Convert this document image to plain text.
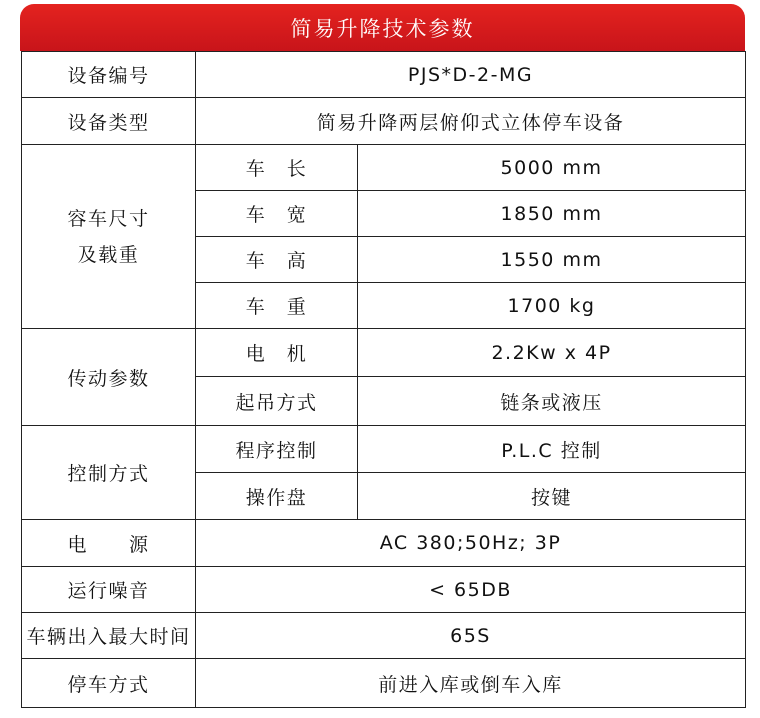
简易升降技术参数
设备编号	PJS*D-2-MG	
设备类型	简易升降两层俯仰式立体停车设备	

容车尺寸
及载重	车　长	5000 mm
	车　宽	1850 mm
	车　高	1550 mm
	车　重	1700 kg
传动参数	电　机	2.2Kw x 4P
	起吊方式	链条或液压
控制方式	程序控制	P.L.C 控制
	操作盘	按键
电　　源	AC 380;50Hz; 3P	
运行噪音	< 65DB	
车辆出入最大时间	65S	
停车方式	前进入库或倒车入库	
